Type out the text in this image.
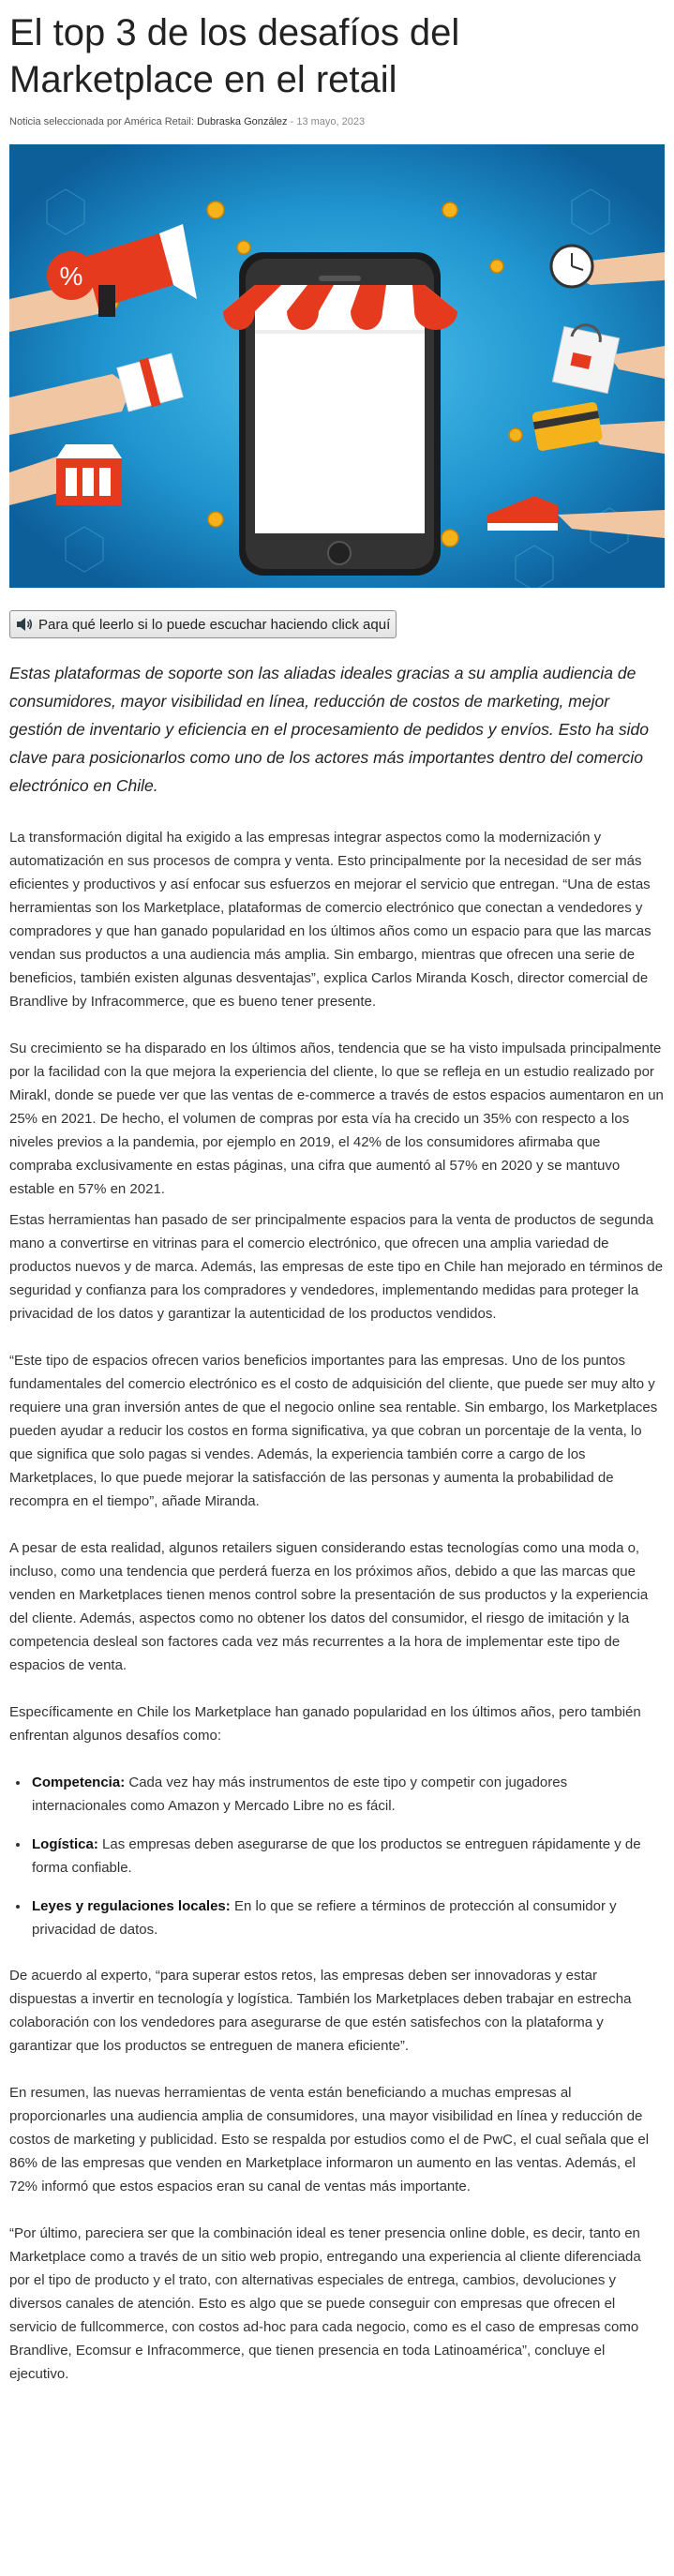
El top 3 de los desafíos del Marketplace en el retail
Noticia seleccionada por América Retail: Dubraska González - 13 mayo, 2023
%
Para qué leerlo si lo puede escuchar haciendo click aquí

Estas plataformas de soporte son las aliadas ideales gracias a su amplia audiencia de consumidores, mayor visibilidad en línea, reducción de costos de marketing, mejor gestión de inventario y eficiencia en el procesamiento de pedidos y envíos. Esto ha sido clave para posicionarlos como uno de los actores más importantes dentro del comercio electrónico en Chile.

La transformación digital ha exigido a las empresas integrar aspectos como la modernización y automatización en sus procesos de compra y venta. Esto principalmente por la necesidad de ser más eficientes y productivos y así enfocar sus esfuerzos en mejorar el servicio que entregan. “Una de estas herramientas son los Marketplace, plataformas de comercio electrónico que conectan a vendedores y compradores y que han ganado popularidad en los últimos años como un espacio para que las marcas vendan sus productos a una audiencia más amplia. Sin embargo, mientras que ofrecen una serie de beneficios, también existen algunas desventajas”, explica Carlos Miranda Kosch, director comercial de Brandlive by Infracommerce, que es bueno tener presente.

Su crecimiento se ha disparado en los últimos años, tendencia que se ha visto impulsada principalmente por la facilidad con la que mejora la experiencia del cliente, lo que se refleja en un estudio realizado por Mirakl, donde se puede ver que las ventas de e-commerce a través de estos espacios aumentaron en un 25% en 2021. De hecho, el volumen de compras por esta vía ha crecido un 35% con respecto a los niveles previos a la pandemia, por ejemplo en 2019, el 42% de los consumidores afirmaba que compraba exclusivamente en estas páginas, una cifra que aumentó al 57% en 2020 y se mantuvo estable en 57% en 2021.

Estas herramientas han pasado de ser principalmente espacios para la venta de productos de segunda mano a convertirse en vitrinas para el comercio electrónico, que ofrecen una amplia variedad de productos nuevos y de marca. Además, las empresas de este tipo en Chile han mejorado en términos de seguridad y confianza para los compradores y vendedores, implementando medidas para proteger la privacidad de los datos y garantizar la autenticidad de los productos vendidos.

“Este tipo de espacios ofrecen varios beneficios importantes para las empresas. Uno de los puntos fundamentales del comercio electrónico es el costo de adquisición del cliente, que puede ser muy alto y requiere una gran inversión antes de que el negocio online sea rentable. Sin embargo, los Marketplaces pueden ayudar a reducir los costos en forma significativa, ya que cobran un porcentaje de la venta, lo que significa que solo pagas si vendes. Además, la experiencia también corre a cargo de los Marketplaces, lo que puede mejorar la satisfacción de las personas y aumenta la probabilidad de recompra en el tiempo”, añade Miranda.

A pesar de esta realidad, algunos retailers siguen considerando estas tecnologías como una moda o, incluso, como una tendencia que perderá fuerza en los próximos años, debido a que las marcas que venden en Marketplaces tienen menos control sobre la presentación de sus productos y la experiencia del cliente. Además, aspectos como no obtener los datos del consumidor, el riesgo de imitación y la competencia desleal son factores cada vez más recurrentes a la hora de implementar este tipo de espacios de venta.

Específicamente en Chile los Marketplace han ganado popularidad en los últimos años, pero también enfrentan algunos desafíos como:

• Competencia: Cada vez hay más instrumentos de este tipo y competir con jugadores internacionales como Amazon y Mercado Libre no es fácil.
• Logística: Las empresas deben asegurarse de que los productos se entreguen rápidamente y de forma confiable.
• Leyes y regulaciones locales: En lo que se refiere a términos de protección al consumidor y privacidad de datos.

De acuerdo al experto, “para superar estos retos, las empresas deben ser innovadoras y estar dispuestas a invertir en tecnología y logística. También los Marketplaces deben trabajar en estrecha colaboración con los vendedores para asegurarse de que estén satisfechos con la plataforma y garantizar que los productos se entreguen de manera eficiente”.

En resumen, las nuevas herramientas de venta están beneficiando a muchas empresas al proporcionarles una audiencia amplia de consumidores, una mayor visibilidad en línea y reducción de costos de marketing y publicidad. Esto se respalda por estudios como el de PwC, el cual señala que el 86% de las empresas que venden en Marketplace informaron un aumento en las ventas. Además, el 72% informó que estos espacios eran su canal de ventas más importante.

“Por último, pareciera ser que la combinación ideal es tener presencia online doble, es decir, tanto en Marketplace como a través de un sitio web propio, entregando una experiencia al cliente diferenciada por el tipo de producto y el trato, con alternativas especiales de entrega, cambios, devoluciones y diversos canales de atención. Esto es algo que se puede conseguir con empresas que ofrecen el servicio de fullcommerce, con costos ad-hoc para cada negocio, como es el caso de empresas como Brandlive, Ecomsur e Infracommerce, que tienen presencia en toda Latinoamérica”, concluye el ejecutivo.
